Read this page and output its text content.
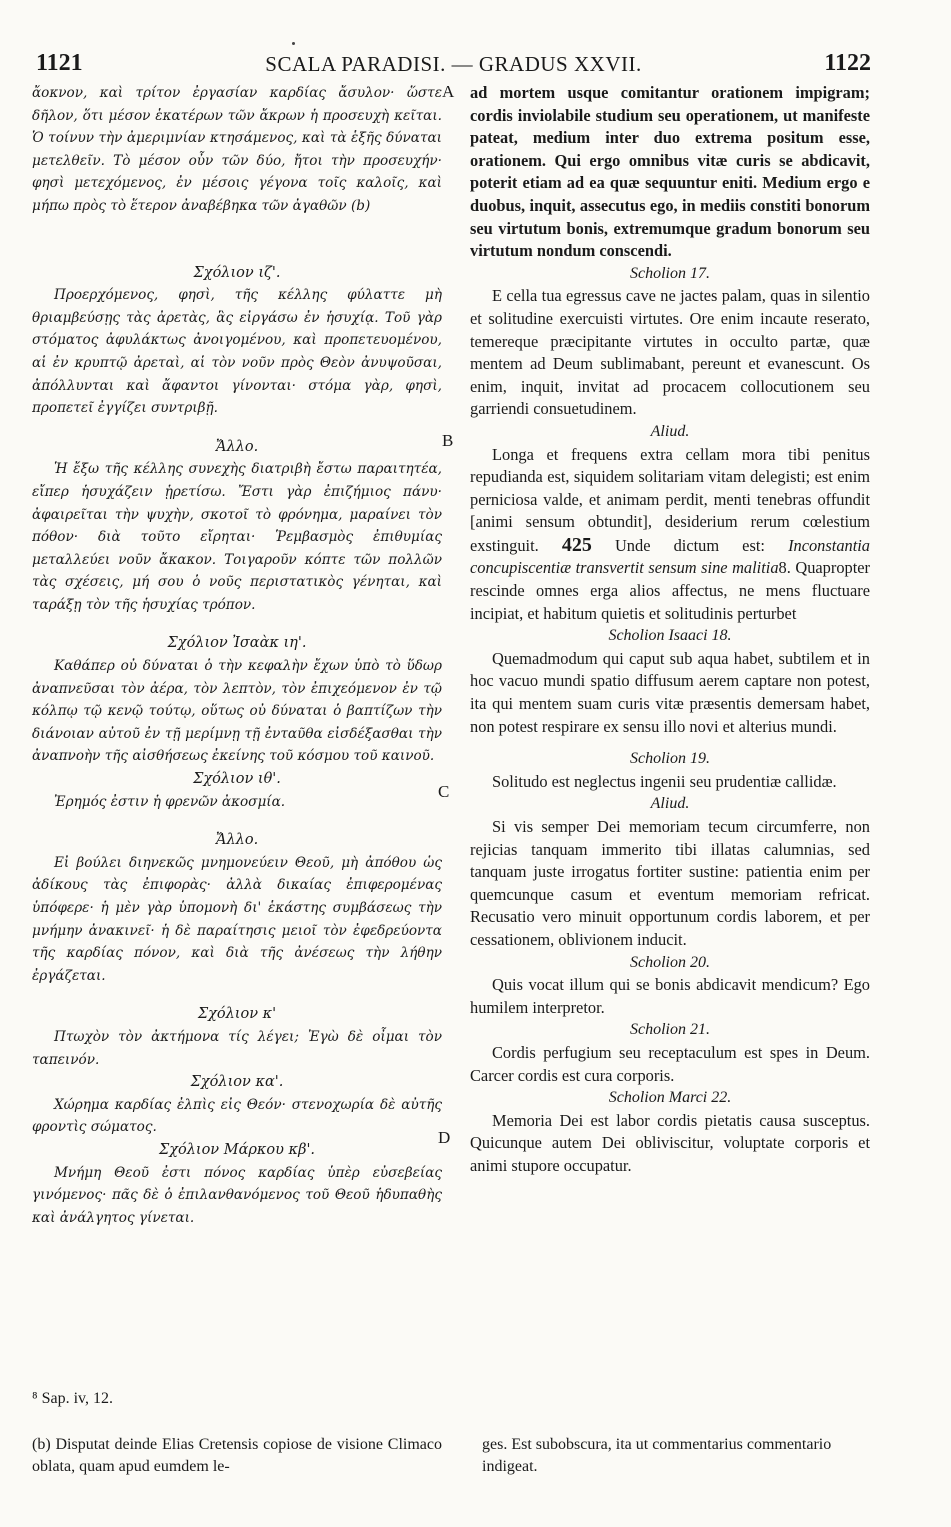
1121	SCALA PARADISI. — GRADUS XXVII.	1122
A
B
C
D

ἄοκνον, καὶ τρίτον ἐργασίαν καρδίας ἄσυλον· ὥστε δῆλον, ὅτι μέσον ἑκατέρων τῶν ἄκρων ἡ προσευχὴ κεῖται. Ὁ τοίνυν τὴν ἀμεριμνίαν κτησάμενος, καὶ τὰ ἑξῆς δύναται μετελθεῖν. Τὸ μέσον οὖν τῶν δύο, ἤτοι τὴν προσευχήν· φησὶ μετεχόμενος, ἐν μέσοις γέγονα τοῖς καλοῖς, καὶ μήπω πρὸς τὸ ἕτερον ἀναβέβηκα τῶν ἀγαθῶν (b)

Σχόλιον ιζ'.

Προερχόμενος, φησὶ, τῆς κέλλης φύλαττε μὴ θριαμβεύσῃς τὰς ἀρετὰς, ἃς εἰργάσω ἐν ἡσυχίᾳ. Τοῦ γὰρ στόματος ἀφυλάκτως ἀνοιγομένου, καὶ προπετευομένου, αἱ ἐν κρυπτῷ ἀρεταὶ, αἱ τὸν νοῦν πρὸς Θεὸν ἀνυψοῦσαι, ἀπόλλυνται καὶ ἄφαντοι γίνονται· στόμα γὰρ, φησὶ, προπετεῖ ἐγγίζει συντριβῇ.

Ἄλλο.

Ἡ ἔξω τῆς κέλλης συνεχὴς διατριβὴ ἔστω παραιτητέα, εἴπερ ἡσυχάζειν ᾑρετίσω. Ἔστι γὰρ ἐπιζήμιος πάνυ· ἀφαιρεῖται τὴν ψυχὴν, σκοτοῖ τὸ φρόνημα, μαραίνει τὸν πόθον· διὰ τοῦτο εἴρηται· Ῥεμβασμὸς ἐπιθυμίας μεταλλεύει νοῦν ἄκακον. Τοιγαροῦν κόπτε τῶν πολλῶν τὰς σχέσεις, μή σου ὁ νοῦς περιστατικὸς γένηται, καὶ ταράξῃ τὸν τῆς ἡσυχίας τρόπον.

Σχόλιον Ἰσαὰκ ιη'.

Καθάπερ οὐ δύναται ὁ τὴν κεφαλὴν ἔχων ὑπὸ τὸ ὕδωρ ἀναπνεῦσαι τὸν ἀέρα, τὸν λεπτὸν, τὸν ἐπιχεόμενον ἐν τῷ κόλπῳ τῷ κενῷ τούτῳ, οὕτως οὐ δύναται ὁ βαπτίζων τὴν διάνοιαν αὐτοῦ ἐν τῇ μερίμνῃ τῇ ἐνταῦθα εἰσδέξασθαι τὴν ἀναπνοὴν τῆς αἰσθήσεως ἐκείνης τοῦ κόσμου τοῦ καινοῦ.

Σχόλιον ιθ'.

Ἐρημός ἐστιν ἡ φρενῶν ἀκοσμία.

Ἄλλο.

Εἰ βούλει διηνεκῶς μνημονεύειν Θεοῦ, μὴ ἀπόθου ὡς ἀδίκους τὰς ἐπιφορὰς· ἀλλὰ δικαίας ἐπιφερομένας ὑπόφερε· ἡ μὲν γὰρ ὑπομονὴ δι' ἑκάστης συμβάσεως τὴν μνήμην ἀνακινεῖ· ἡ δὲ παραίτησις μειοῖ τὸν ἐφεδρεύοντα τῆς καρδίας πόνον, καὶ διὰ τῆς ἀνέσεως τὴν λήθην ἐργάζεται.

Σχόλιον κ'

Πτωχὸν τὸν ἀκτήμονα τίς λέγει; Ἐγὼ δὲ οἶμαι τὸν ταπεινόν.

Σχόλιον κα'.

Χώρημα καρδίας ἐλπὶς εἰς Θεόν· στενοχωρία δὲ αὐτῆς φροντὶς σώματος.

Σχόλιον Μάρκου κβ'.

Μνήμη Θεοῦ ἐστι πόνος καρδίας ὑπὲρ εὐσεβείας γινόμενος· πᾶς δὲ ὁ ἐπιλανθανόμενος τοῦ Θεοῦ ἡδυπαθὴς καὶ ἀνάλγητος γίνεται.

ad mortem usque comitantur orationem impigram; cordis inviolabile studium seu operationem, ut manifeste pateat, medium inter duo extrema positum esse, orationem. Qui ergo omnibus vitæ curis se abdicavit, poterit etiam ad ea quæ sequuntur eniti. Medium ergo e duobus, inquit, assecutus ego, in mediis constiti bonorum seu virtutum bonis, extremumque gradum bonorum seu virtutum nondum conscendi.

Scholion 17.

E cella tua egressus cave ne jactes palam, quas in silentio et solitudine exercuisti virtutes. Ore enim incaute reserato, temereque præcipitante virtutes in occulto partæ, quæ mentem ad Deum sublimabant, pereunt et evanescunt. Os enim, inquit, invitat ad procacem collocutionem seu garriendi consuetudinem.

Aliud.

Longa et frequens extra cellam mora tibi penitus repudianda est, siquidem solitariam vitam delegisti; est enim perniciosa valde, et animam perdit, menti tenebras offundit [animi sensum obtundit], desiderium rerum cœlestium exstinguit. 425 Unde dictum est: Inconstantia concupiscentiæ transvertit sensum sine malitia8. Quapropter rescinde omnes erga alios affectus, ne mens fluctuare incipiat, et habitum quietis et solitudinis perturbet

Scholion Isaaci 18.

Quemadmodum qui caput sub aqua habet, subtilem et in hoc vacuo mundi spatio diffusum aerem captare non potest, ita qui mentem suam curis vitæ præsentis demersam habet, non potest respirare ex sensu illo novi et alterius mundi.

Scholion 19.

Solitudo est neglectus ingenii seu prudentiæ callidæ.

Aliud.

Si vis semper Dei memoriam tecum circumferre, non rejicias tanquam immerito tibi illatas calumnias, sed tanquam juste irrogatus fortiter sustine: patientia enim per quemcunque casum et eventum memoriam refricat. Recusatio vero minuit opportunum cordis laborem, et per cessationem, oblivionem inducit.

Scholion 20.

Quis vocat illum qui se bonis abdicavit mendicum? Ego humilem interpretor.

Scholion 21.

Cordis perfugium seu receptaculum est spes in Deum. Carcer cordis est cura corporis.

Scholion Marci 22.

Memoria Dei est labor cordis pietatis causa susceptus. Quicunque autem Dei obliviscitur, voluptate corporis et animi stupore occupatur.

⁸ Sap. iv, 12.

(b) Disputat deinde Elias Cretensis copiose de visione Climaco oblata, quam apud eumdem le-

ges. Est subobscura, ita ut commentarius commentario indigeat.
